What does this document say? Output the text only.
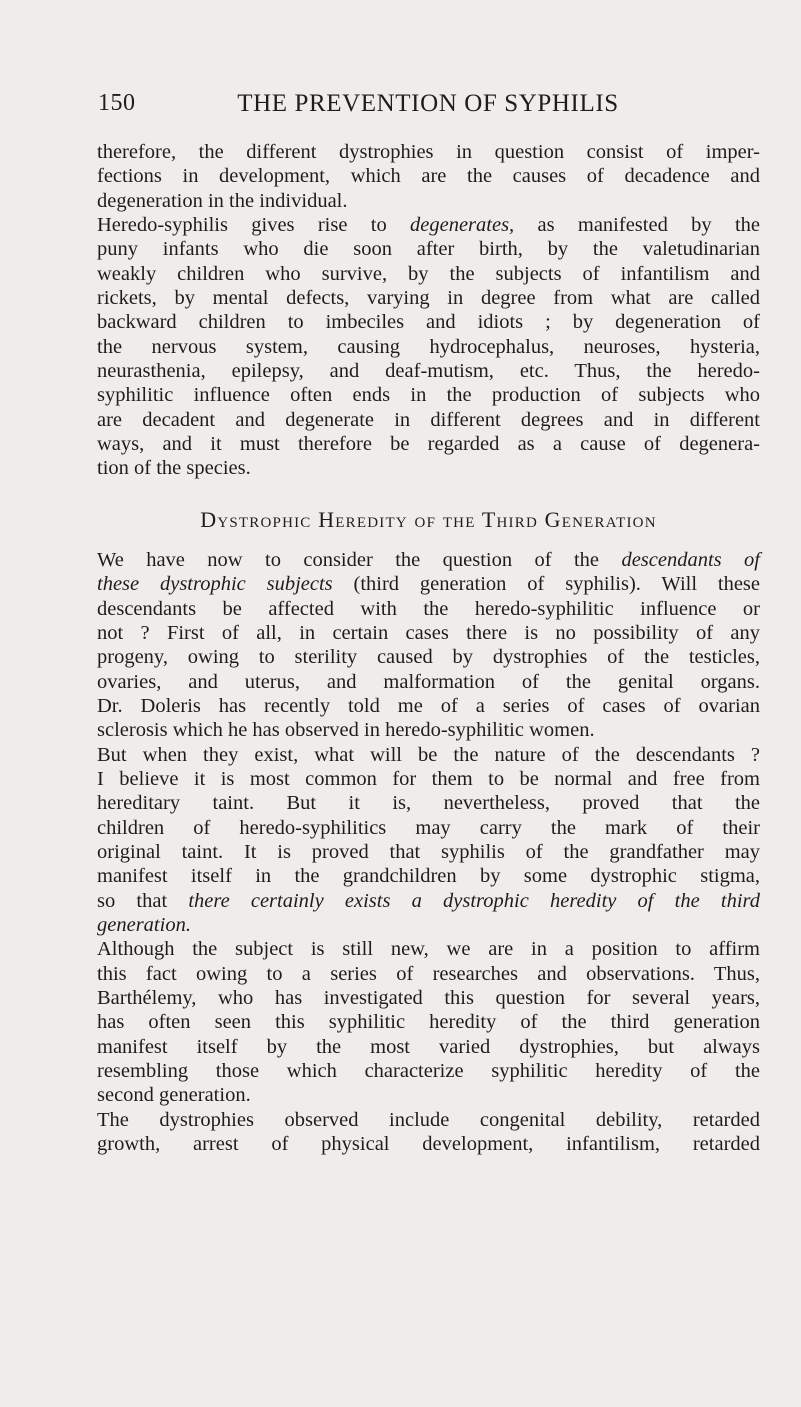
150	THE PREVENTION OF SYPHILIS
therefore, the different dystrophies in question consist of imper-
fections in development, which are the causes of decadence and
degeneration in the individual.
Heredo-syphilis gives rise to degenerates, as manifested by the
puny infants who die soon after birth, by the valetudinarian
weakly children who survive, by the subjects of infantilism and
rickets, by mental defects, varying in degree from what are called
backward children to imbeciles and idiots ; by degeneration of
the nervous system, causing hydrocephalus, neuroses, hysteria,
neurasthenia, epilepsy, and deaf-mutism, etc. Thus, the heredo-
syphilitic influence often ends in the production of subjects who
are decadent and degenerate in different degrees and in different
ways, and it must therefore be regarded as a cause of degenera-
tion of the species.
Dystrophic Heredity of the Third Generation
We have now to consider the question of the descendants of
these dystrophic subjects (third generation of syphilis). Will these
descendants be affected with the heredo-syphilitic influence or
not ? First of all, in certain cases there is no possibility of any
progeny, owing to sterility caused by dystrophies of the testicles,
ovaries, and uterus, and malformation of the genital organs.
Dr. Doleris has recently told me of a series of cases of ovarian
sclerosis which he has observed in heredo-syphilitic women.
But when they exist, what will be the nature of the descendants ?
I believe it is most common for them to be normal and free from
hereditary taint. But it is, nevertheless, proved that the
children of heredo-syphilitics may carry the mark of their
original taint. It is proved that syphilis of the grandfather may
manifest itself in the grandchildren by some dystrophic stigma,
so that there certainly exists a dystrophic heredity of the third
generation.
Although the subject is still new, we are in a position to affirm
this fact owing to a series of researches and observations. Thus,
Barthélemy, who has investigated this question for several years,
has often seen this syphilitic heredity of the third generation
manifest itself by the most varied dystrophies, but always
resembling those which characterize syphilitic heredity of the
second generation.
The dystrophies observed include congenital debility, retarded
growth, arrest of physical development, infantilism, retarded
